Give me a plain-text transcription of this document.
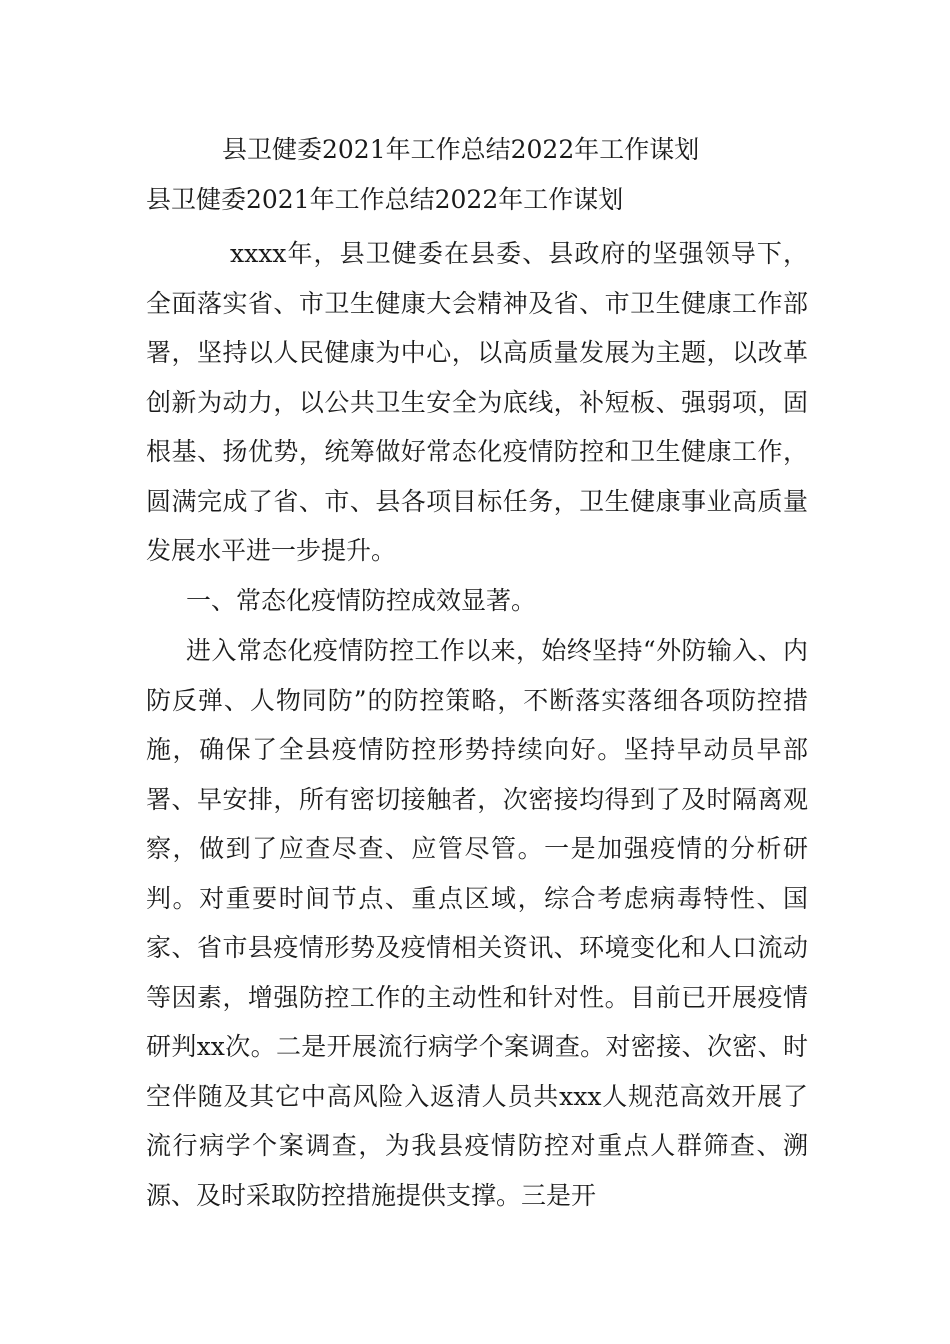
县卫健委2021年工作总结2022年工作谋划
县卫健委2021年工作总结2022年工作谋划

xxxx年，县卫健委在县委、县政府的坚强领导下，全面落实省、市卫生健康大会精神及省、市卫生健康工作部署，坚持以人民健康为中心，以高质量发展为主题，以改革创新为动力，以公共卫生安全为底线，补短板、强弱项，固根基、扬优势，统筹做好常态化疫情防控和卫生健康工作，圆满完成了省、市、县各项目标任务，卫生健康事业高质量发展水平进一步提升。

一、常态化疫情防控成效显著。

进入常态化疫情防控工作以来，始终坚持“外防输入、内防反弹、人物同防”的防控策略，不断落实落细各项防控措施，确保了全县疫情防控形势持续向好。坚持早动员早部署、早安排，所有密切接触者，次密接均得到了及时隔离观察，做到了应查尽查、应管尽管。一是加强疫情的分析研判。对重要时间节点、重点区域，综合考虑病毒特性、国家、省市县疫情形势及疫情相关资讯、环境变化和人口流动等因素，增强防控工作的主动性和针对性。目前已开展疫情研判xx次。二是开展流行病学个案调查。对密接、次密、时空伴随及其它中高风险入返清人员共xxx人规范高效开展了流行病学个案调查，为我县疫情防控对重点人群筛查、溯源、及时采取防控措施提供支撑。三是开
